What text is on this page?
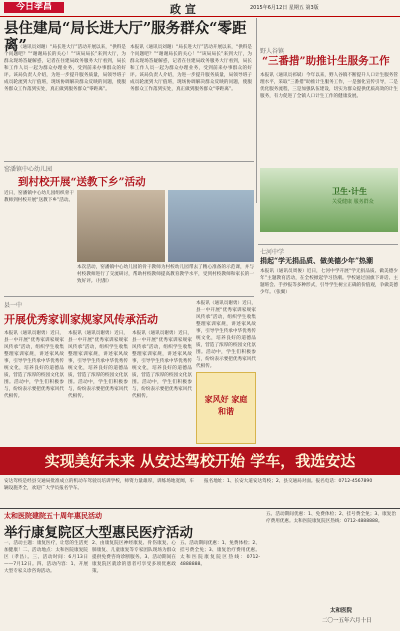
今日孝昌	政 宣	2015年6月12日 星期五 第3版
县住建局“局长进大厅”服务群众“零距离”
本报讯（通讯员刘谢）“局长进大厅”活动开展以来，“供料是个问题吧？”“谢谢局长的关心！”“该局局长”来到大厅，为群众现场答疑解惑，记者在住建局政务服务大厅看到，局长和工作人员一起为群众办理业务，受到前来办事群众的好评。该局负责人介绍，为进一步提升服务质量，局领导班子成员轮流到大厅值班，现场协调解决群众反映的问题，使服务群众工作落到实处，真正做到服务群众“零距离”。
本报讯（通讯员刘谢）“局长进大厅”活动开展以来，“供料是个问题吧？”“谢谢局长的关心！”“该局局长”来到大厅，为群众现场答疑解惑，记者在住建局政务服务大厅看到，局长和工作人员一起为群众办理业务，受到前来办事群众的好评。该局负责人介绍，为进一步提升服务质量，局领导班子成员轮流到大厅值班，现场协调解决群众反映的问题，使服务群众工作落到实处，真正做到服务群众“零距离”。
窑潘镇中心幼儿园
到村校开展“送教下乡”活动
近日，窑潘镇中心幼儿园组织骨干教师到村校开展“送教下乡”活动。
本次活动，窑潘镇中心幼儿园的骨干教师为村校幼儿园带去了精心准备的示范课，并与村校教师进行了交流研讨，帮助村校教师提高教育教学水平，受到村校教师和家长的一致好评。（付甜）
野人谷镇
“三番措”助推计生服务工作
本报讯（通讯员祁斌）今年以来，野人谷镇不断提升人口计生服务管理水平，采取“三番措”助推计生服务工作，一是强化宣传引导，二是优化服务流程，三是加强队伍建设，切实为群众提供优质高效的计生服务，有力促进了全镇人口计生工作的健康发展。
卫生·计生
关爱健康 服务群众
七河中学
捐起“学无捐品质、做美德少年”热潮
本报讯（通讯员周俊）近日，七河中学开展“学无捐品质、做美德少年”主题教育活动，在全校掀起学习热潮。学校通过国旗下讲话、主题班会、手抄报等多种形式，引导学生树立正确的价值观，争做美德少年。（张翼）
县一中
开展优秀家训家规家风传承活动
本报讯（通讯员谢勇）近日，县一中开展“优秀家训家规家风传承”活动，组织学生收集整理家训家规，讲述家风故事，引导学生传承中华优秀传统文化，培养良好的道德品质，营造了浓厚的校园文化氛围。活动中，学生们积极参与，纷纷表示要把优秀家风代代相传。
本报讯（通讯员谢勇）近日，县一中开展“优秀家训家规家风传承”活动，组织学生收集整理家训家规，讲述家风故事，引导学生传承中华优秀传统文化，培养良好的道德品质，营造了浓厚的校园文化氛围。活动中，学生们积极参与，纷纷表示要把优秀家风代代相传。
本报讯（通讯员谢勇）近日，县一中开展“优秀家训家规家风传承”活动，组织学生收集整理家训家规，讲述家风故事，引导学生传承中华优秀传统文化，培养良好的道德品质，营造了浓厚的校园文化氛围。活动中，学生们积极参与，纷纷表示要把优秀家风代代相传。
本报讯（通讯员谢勇）近日，县一中开展“优秀家训家规家风传承”活动，组织学生收集整理家训家规，讲述家风故事，引导学生传承中华优秀传统文化，培养良好的道德品质，营造了浓厚的校园文化氛围。活动中，学生们积极参与，纷纷表示要把优秀家风代代相传。
家风好 家庭和谐
实现美好未来 从安达驾校开始 学车，我选安达
安达驾校是经县交通局批准成立的机动车驾驶员培训学校，师资力量雄厚，训练场地宽阔，车辆设施齐全，欢迎广大学员报名学车。
报名地址：1、长安大道安达驾校；2、县交通局对面。报名电话：0712-4567890
太和医院建院五十周年惠民活动
举行康复院区大型惠民医疗活动
一、活动主题：康复医疗，让您的生活更加健康！二、活动地点：太和医院康复院区（孝昌）。三、活动时间：6月13日——7月12日。四、活动内容：1、开展大型专家义诊咨询活动。
2、由康复院区神经康复、骨伤康复、心肺康复、儿童康复等专家团队现场为群众提供免费咨询诊断服务。3、活动期间在康复院区就诊的患者可享受多项优惠政策。
五、活动期间优惠：1、免费体检；2、挂号费全免；3、康复治疗费用优惠。太和医院康复院区热线：0712-4888888。
五、活动期间优惠：1、免费体检；2、挂号费全免；3、康复治疗费用优惠。太和医院康复院区热线：0712-4888888。
太和医院
二〇一五年六月十日
